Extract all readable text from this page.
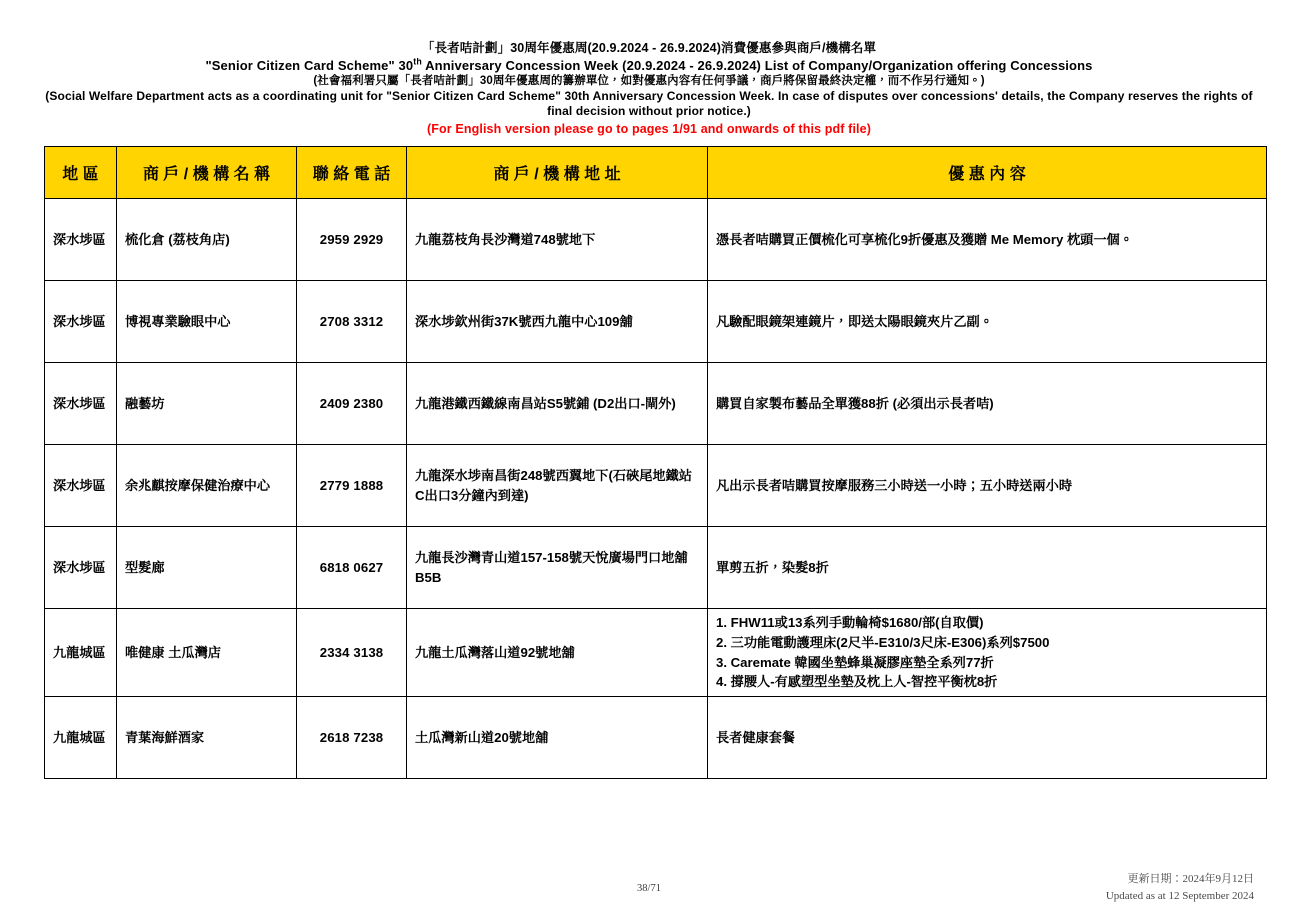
「長者咭計劃」30周年優惠周(20.9.2024 - 26.9.2024)消費優惠參與商戶/機構名單
"Senior Citizen Card Scheme" 30th Anniversary Concession Week (20.9.2024 - 26.9.2024) List of Company/Organization offering Concessions
(社會福利署只屬「長者咭計劃」30周年優惠周的籌辦單位，如對優惠內容有任何爭議，商戶將保留最終決定權，而不作另行通知。)
(Social Welfare Department acts as a coordinating unit for "Senior Citizen Card Scheme" 30th Anniversary Concession Week. In case of disputes over concessions' details, the Company reserves the rights of final decision without prior notice.)
(For English version please go to pages 1/91 and onwards of this pdf file)
地區	商戶/機構名稱	聯絡電話	商戶/機構地址	優惠內容
深水埗區	梳化倉 (荔枝角店)	2959 2929	九龍荔枝角長沙灣道748號地下	憑長者咭購買正價梳化可享梳化9折優惠及獲贈 Me Memory 枕頭一個。
深水埗區	博視專業驗眼中心	2708 3312	深水埗欽州街37K號西九龍中心109舖	凡驗配眼鏡架連鏡片，即送太陽眼鏡夾片乙副。
深水埗區	融藝坊	2409 2380	九龍港鐵西鐵線南昌站S5號鋪 (D2出口-閘外)	購買自家製布藝品全單獲88折 (必須出示長者咭)
深水埗區	余兆麒按摩保健治療中心	2779 1888	九龍深水埗南昌街248號西翼地下(石硤尾地鐵站C出口3分鐘內到達)	凡出示長者咭購買按摩服務三小時送一小時；五小時送兩小時
深水埗區	型髮廊	6818 0627	九龍長沙灣青山道157-158號天悅廣場門口地舖B5B	單剪五折，染髮8折
九龍城區	唯健康 土瓜灣店	2334 3138	九龍土瓜灣落山道92號地舖	
1. FHW11或13系列手動輪椅$1680/部(自取價)
2. 三功能電動護理床(2尺半-E310/3尺床-E306)系列$7500
3. Caremate 韓國坐墊蜂巢凝膠座墊全系列77折
4. 撐腰人-有感塑型坐墊及枕上人-智控平衡枕8折

九龍城區	青葉海鮮酒家	2618 7238	土瓜灣新山道20號地舖	長者健康套餐
38/71
更新日期：2024年9月12日
Updated as at 12 September 2024
